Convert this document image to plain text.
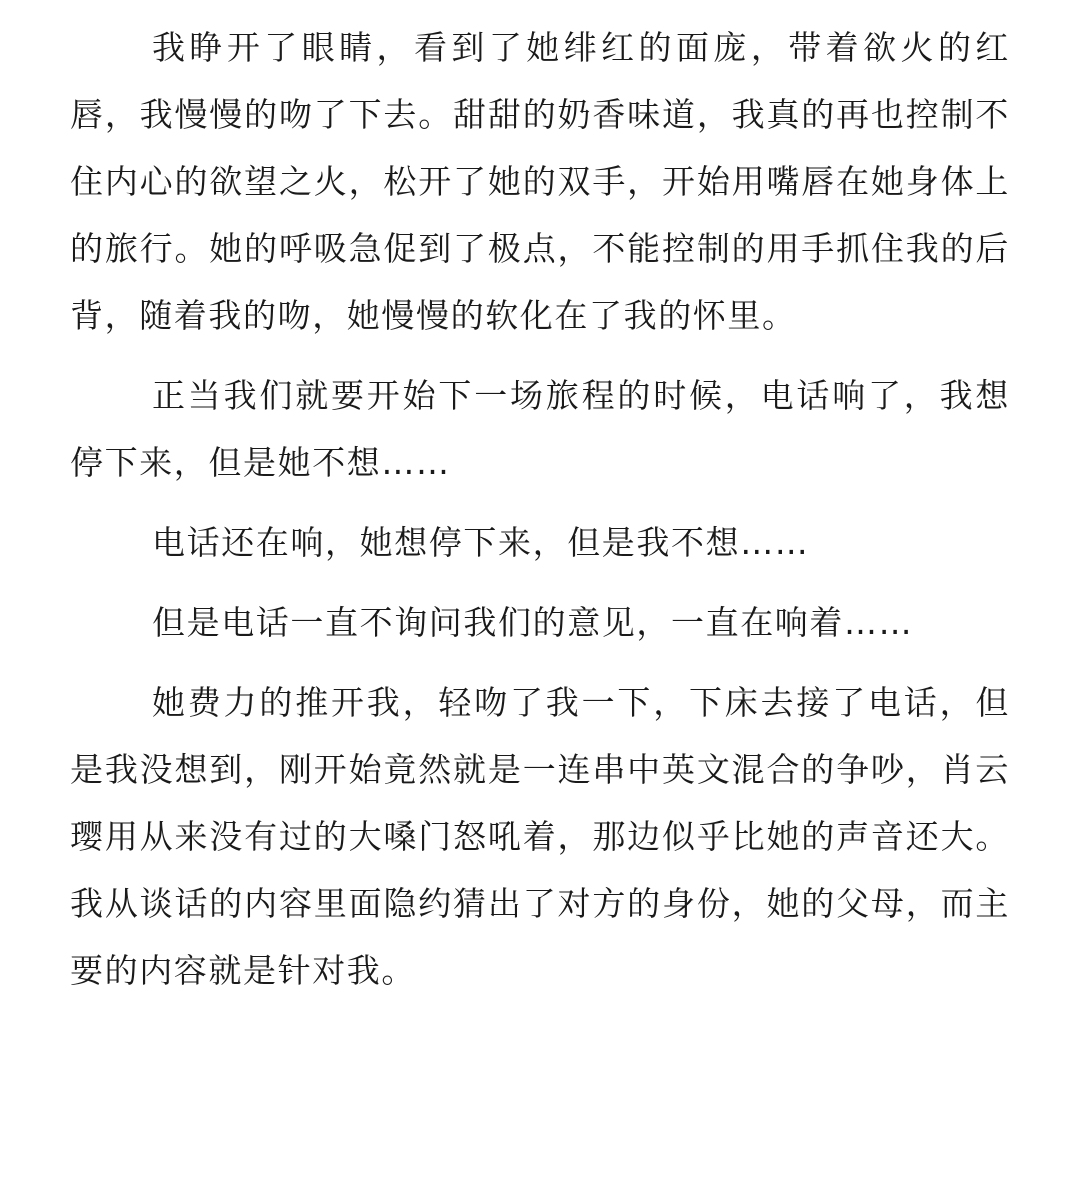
我睁开了眼睛，看到了她绯红的面庞，带着欲火的红唇，我慢慢的吻了下去。甜甜的奶香味道，我真的再也控制不住内心的欲望之火，松开了她的双手，开始用嘴唇在她身体上的旅行。她的呼吸急促到了极点，不能控制的用手抓住我的后背，随着我的吻，她慢慢的软化在了我的怀里。

正当我们就要开始下一场旅程的时候，电话响了，我想停下来，但是她不想……

电话还在响，她想停下来，但是我不想……

但是电话一直不询问我们的意见，一直在响着……

她费力的推开我，轻吻了我一下，下床去接了电话，但是我没想到，刚开始竟然就是一连串中英文混合的争吵，肖云璎用从来没有过的大嗓门怒吼着，那边似乎比她的声音还大。我从谈话的内容里面隐约猜出了对方的身份，她的父母，而主要的内容就是针对我。
